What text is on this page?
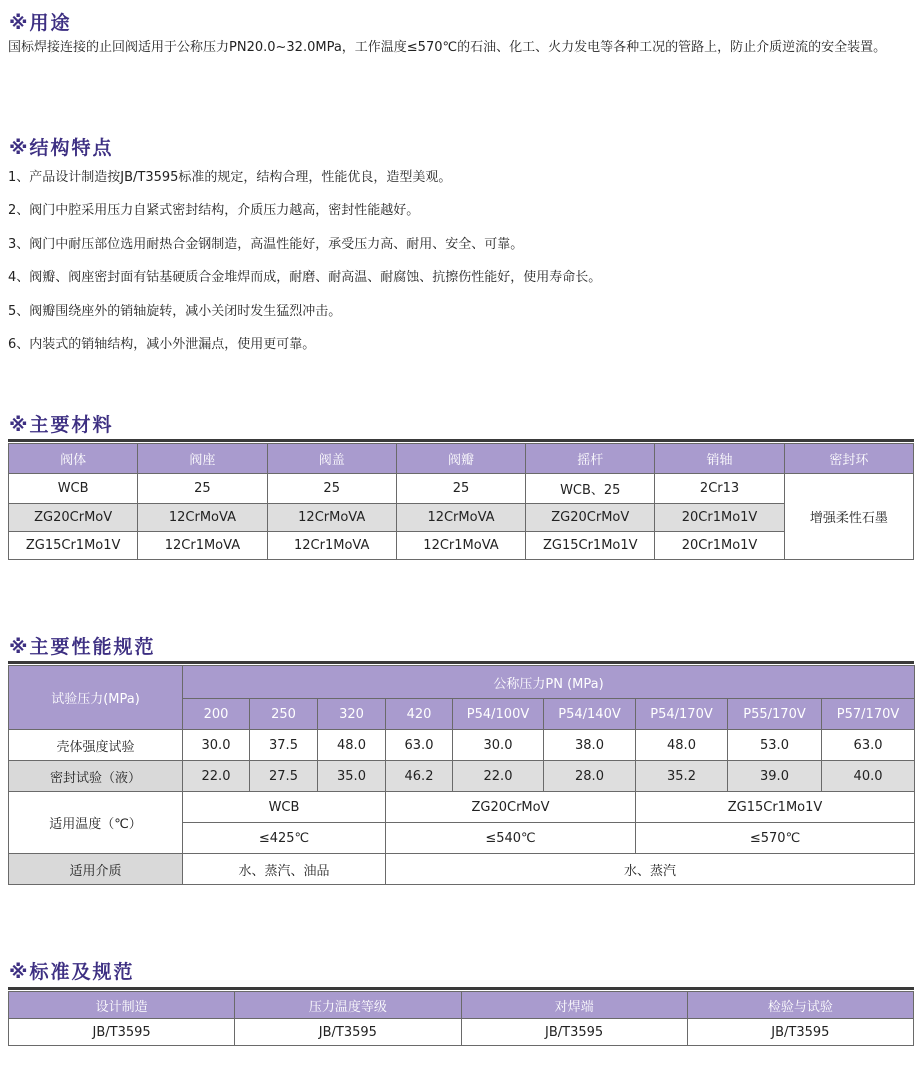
※用途

国标焊接连接的止回阀适用于公称压力PN20.0~32.0MPa，工作温度≤570℃的石油、化工、火力发电等各种工况的管路上，防止介质逆流的安全装置。

※结构特点
1、产品设计制造按JB/T3595标准的规定，结构合理，性能优良，造型美观。
2、阀门中腔采用压力自紧式密封结构，介质压力越高，密封性能越好。
3、阀门中耐压部位选用耐热合金钢制造，高温性能好，承受压力高、耐用、安全、可靠。
4、阀瓣、阀座密封面有钴基硬质合金堆焊而成，耐磨、耐高温、耐腐蚀、抗擦伤性能好，使用寿命长。
5、阀瓣围绕座外的销轴旋转，减小关闭时发生猛烈冲击。
6、内装式的销轴结构，减小外泄漏点，使用更可靠。
※主要材料
阀体	阀座	阀盖	阀瓣	摇杆	销轴	密封环
WCB	25	25	25	WCB、25	2Cr13	增强柔性石墨
ZG20CrMoV	12CrMoVA	12CrMoVA	12CrMoVA	ZG20CrMoV	20Cr1Mo1V	
ZG15Cr1Mo1V	12Cr1MoVA	12Cr1MoVA	12Cr1MoVA	ZG15Cr1Mo1V	20Cr1Mo1V	
※主要性能规范
试验压力(MPa)	公称压力PN (MPa)								
	200	250	320	420	P54/100V	P54/140V	P54/170V	P55/170V	P57/170V
壳体强度试验	30.0	37.5	48.0	63.0	30.0	38.0	48.0	53.0	63.0
密封试验（液）	22.0	27.5	35.0	46.2	22.0	28.0	35.2	39.0	40.0
适用温度（℃）	WCB			ZG20CrMoV			ZG15Cr1Mo1V		
	≤425℃			≤540℃			≤570℃		
适用介质	水、蒸汽、油品			水、蒸汽					
※标准及规范
设计制造	压力温度等级	对焊端	检验与试验
JB/T3595	JB/T3595	JB/T3595	JB/T3595
